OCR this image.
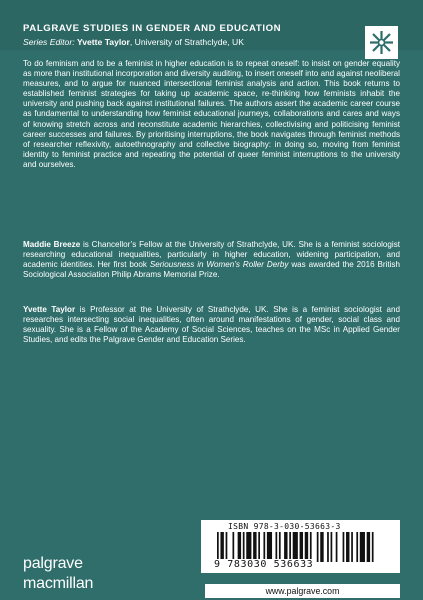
PALGRAVE STUDIES IN GENDER AND EDUCATION
Series Editor: Yvette Taylor, University of Strathclyde, UK
To do feminism and to be a feminist in higher education is to repeat oneself: to insist on gender equality as more than institutional incorporation and diversity auditing, to insert oneself into and against neoliberal measures, and to argue for nuanced intersectional feminist analysis and action. This book returns to established feminist strategies for taking up academic space, re-thinking how feminists inhabit the university and pushing back against institutional failures. The authors assert the academic career course as fundamental to understanding how feminist educational journeys, collaborations and cares and ways of knowing stretch across and reconstitute academic hierarchies, collectivising and politicising feminist career successes and failures. By prioritising interruptions, the book navigates through feminist methods of researcher reflexivity, autoethnography and collective biography: in doing so, moving from feminist identity to feminist practice and repeating the potential of queer feminist interruptions to the university and ourselves.
Maddie Breeze is Chancellor’s Fellow at the University of Strathclyde, UK. She is a feminist sociologist researching educational inequalities, particularly in higher education, widening participation, and academic identities. Her first book Seriousness in Women’s Roller Derby was awarded the 2016 British Sociological Association Philip Abrams Memorial Prize.
Yvette Taylor is Professor at the University of Strathclyde, UK. She is a feminist sociologist and researches intersecting social inequalities, often around manifestations of gender, social class and sexuality. She is a Fellow of the Academy of Social Sciences, teaches on the MSc in Applied Gender Studies, and edits the Palgrave Gender and Education Series.
ISBN 978-3-030-53663-3
9 783030 536633
palgrave
macmillan	www.palgrave.com
